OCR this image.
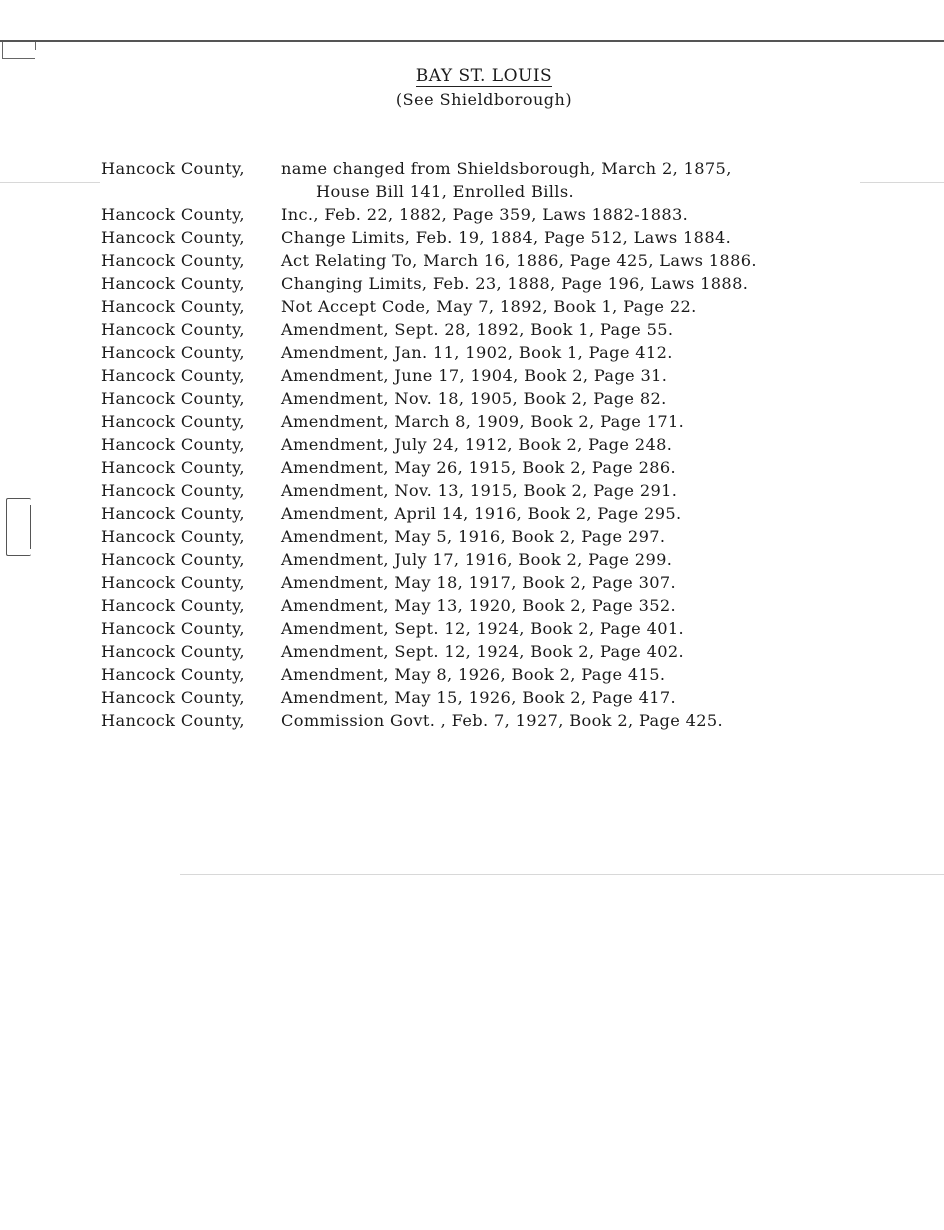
BAY ST. LOUIS
(See Shieldborough)
Hancock County, name changed from Shieldsborough, March 2, 1875,
House Bill 141, Enrolled Bills.
Hancock County, Inc., Feb. 22, 1882, Page 359, Laws 1882-1883.
Hancock County, Change Limits, Feb. 19, 1884, Page 512, Laws 1884.
Hancock County, Act Relating To, March 16, 1886, Page 425, Laws 1886.
Hancock County, Changing Limits, Feb. 23, 1888, Page 196, Laws 1888.
Hancock County, Not Accept Code, May 7, 1892, Book 1, Page 22.
Hancock County, Amendment, Sept. 28, 1892, Book 1, Page 55.
Hancock County, Amendment, Jan. 11, 1902, Book 1, Page 412.
Hancock County, Amendment, June 17, 1904, Book 2, Page 31.
Hancock County, Amendment, Nov. 18, 1905, Book 2, Page 82.
Hancock County, Amendment, March 8, 1909, Book 2, Page 171.
Hancock County, Amendment, July 24, 1912, Book 2, Page 248.
Hancock County, Amendment, May 26, 1915, Book 2, Page 286.
Hancock County, Amendment, Nov. 13, 1915, Book 2, Page 291.
Hancock County, Amendment, April 14, 1916, Book 2, Page 295.
Hancock County, Amendment, May 5, 1916, Book 2, Page 297.
Hancock County, Amendment, July 17, 1916, Book 2, Page 299.
Hancock County, Amendment, May 18, 1917, Book 2, Page 307.
Hancock County, Amendment, May 13, 1920, Book 2, Page 352.
Hancock County, Amendment, Sept. 12, 1924, Book 2, Page 401.
Hancock County, Amendment, Sept. 12, 1924, Book 2, Page 402.
Hancock County, Amendment, May 8, 1926, Book 2, Page 415.
Hancock County, Amendment, May 15, 1926, Book 2, Page 417.
Hancock County, Commission Govt. , Feb. 7, 1927, Book 2, Page 425.
